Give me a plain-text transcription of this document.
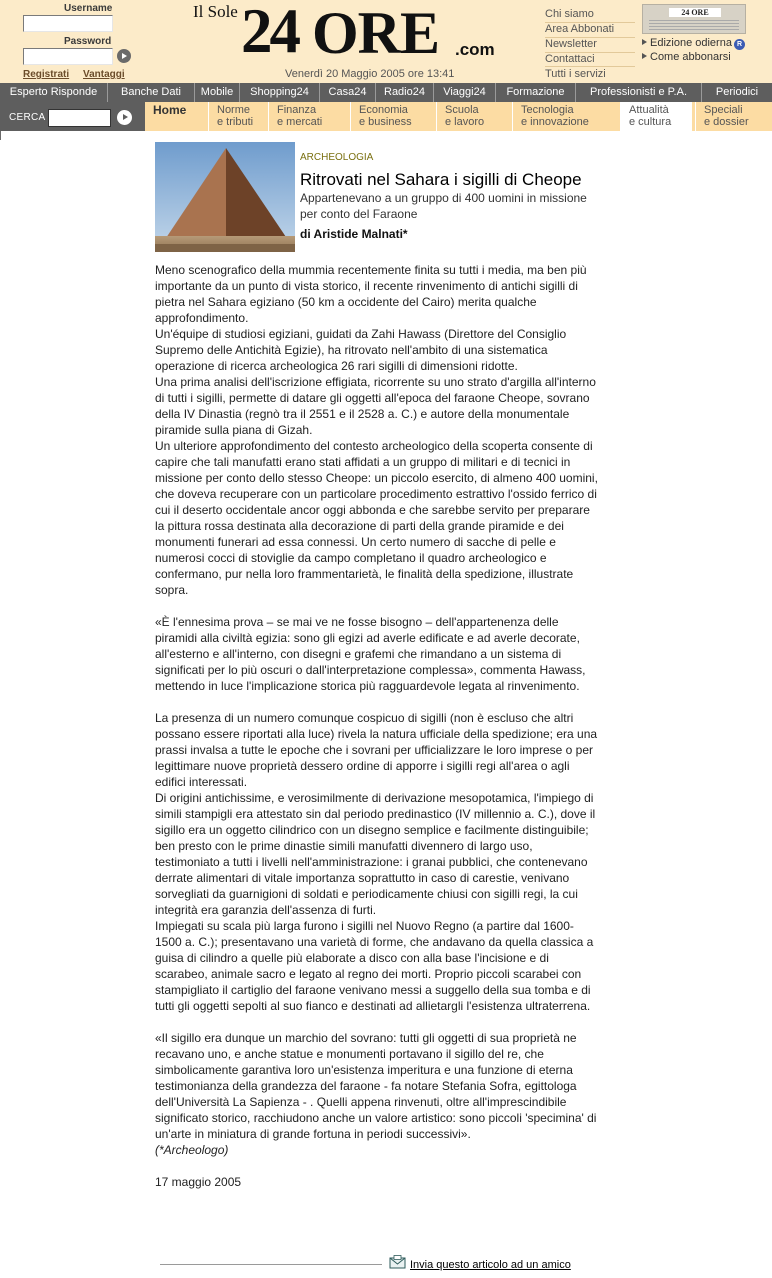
Username
Password
Registrati Vantaggi
Il Sole 24 ORE .com
Venerdì 20 Maggio 2005 ore 13:41
Chi siamo
Area Abbonati
Newsletter
Contattaci
Tutti i servizi
24 ORE
Edizione odierna R
Come abbonarsi
Esperto Risponde	Banche Dati	Mobile	Shopping24	Casa24	Radio24	Viaggi24	Formazione	Professionisti e P.A.	Periodici
CERCA
Home	Norme
e tributi
Finanza
e mercati
Economia
e business
Scuola
e lavoro
Tecnologia
e innovazione
Attualità
e cultura
Speciali
e dossier
ARCHEOLOGIA
Ritrovati nel Sahara i sigilli di Cheope
Appartenevano a un gruppo di 400 uomini in missione per conto del Faraone
di Aristide Malnati*

Meno scenografico della mummia recentemente finita su tutti i media, ma ben più importante da un punto di vista storico, il recente rinvenimento di antichi sigilli di pietra nel Sahara egiziano (50 km a occidente del Cairo) merita qualche approfondimento.

Un'équipe di studiosi egiziani, guidati da Zahi Hawass (Direttore del Consiglio Supremo delle Antichità Egizie), ha ritrovato nell'ambito di una sistematica operazione di ricerca archeologica 26 rari sigilli di dimensioni ridotte.

Una prima analisi dell'iscrizione effigiata, ricorrente su uno strato d'argilla all'interno di tutti i sigilli, permette di datare gli oggetti all'epoca del faraone Cheope, sovrano della IV Dinastia (regnò tra il 2551 e il 2528 a. C.) e autore della monumentale piramide sulla piana di Gizah.

Un ulteriore approfondimento del contesto archeologico della scoperta consente di capire che tali manufatti erano stati affidati a un gruppo di militari e di tecnici in missione per conto dello stesso Cheope: un piccolo esercito, di almeno 400 uomini, che doveva recuperare con un particolare procedimento estrattivo l'ossido ferrico di cui il deserto occidentale ancor oggi abbonda e che sarebbe servito per preparare la pittura rossa destinata alla decorazione di parti della grande piramide e dei monumenti funerari ad essa connessi. Un certo numero di sacche di pelle e numerosi cocci di stoviglie da campo completano il quadro archeologico e confermano, pur nella loro frammentarietà, le finalità della spedizione, illustrate sopra.

«È l'ennesima prova – se mai ve ne fosse bisogno – dell'appartenenza delle piramidi alla civiltà egizia: sono gli egizi ad averle edificate e ad averle decorate, all'esterno e all'interno, con disegni e grafemi che rimandano a un sistema di significati per lo più oscuri o dall'interpretazione complessa», commenta Hawass, mettendo in luce l'implicazione storica più ragguardevole legata al rinvenimento.

La presenza di un numero comunque cospicuo di sigilli (non è escluso che altri possano essere riportati alla luce) rivela la natura ufficiale della spedizione; era una prassi invalsa a tutte le epoche che i sovrani per ufficializzare le loro imprese o per legittimare nuove proprietà dessero ordine di apporre i sigilli regi all'area o agli edifici interessati.

Di origini antichissime, e verosimilmente di derivazione mesopotamica, l'impiego di simili stampigli era attestato sin dal periodo predinastico (IV millennio a. C.), dove il sigillo era un oggetto cilindrico con un disegno semplice e facilmente distinguibile; ben presto con le prime dinastie simili manufatti divennero di largo uso, testimoniato a tutti i livelli nell'amministrazione: i granai pubblici, che contenevano derrate alimentari di vitale importanza soprattutto in caso di carestie, venivano sorvegliati da guarnigioni di soldati e periodicamente chiusi con sigilli regi, la cui integrità era garanzia dell'assenza di furti.

Impiegati su scala più larga furono i sigilli nel Nuovo Regno (a partire dal 1600-1500 a. C.); presentavano una varietà di forme, che andavano da quella classica a guisa di cilindro a quelle più elaborate a disco con alla base l'incisione e di scarabeo, animale sacro e legato al regno dei morti. Proprio piccoli scarabei con stampigliato il cartiglio del faraone venivano messi a suggello della sua tomba e di tutti gli oggetti sepolti al suo fianco e destinati ad allietargli l'esistenza ultraterrena.

«Il sigillo era dunque un marchio del sovrano: tutti gli oggetti di sua proprietà ne recavano uno, e anche statue e monumenti portavano il sigillo del re, che simbolicamente garantiva loro un'esistenza imperitura e una funzione di eterna testimonianza della grandezza del faraone - fa notare Stefania Sofra, egittologa dell'Università La Sapienza - . Quelli appena rinvenuti, oltre all'imprescindibile significato storico, racchiudono anche un valore artistico: sono piccoli 'specimina' di un'arte in miniatura di grande fortuna in periodi successivi».

(*Archeologo)

17 maggio 2005

Invia questo articolo ad un amico
